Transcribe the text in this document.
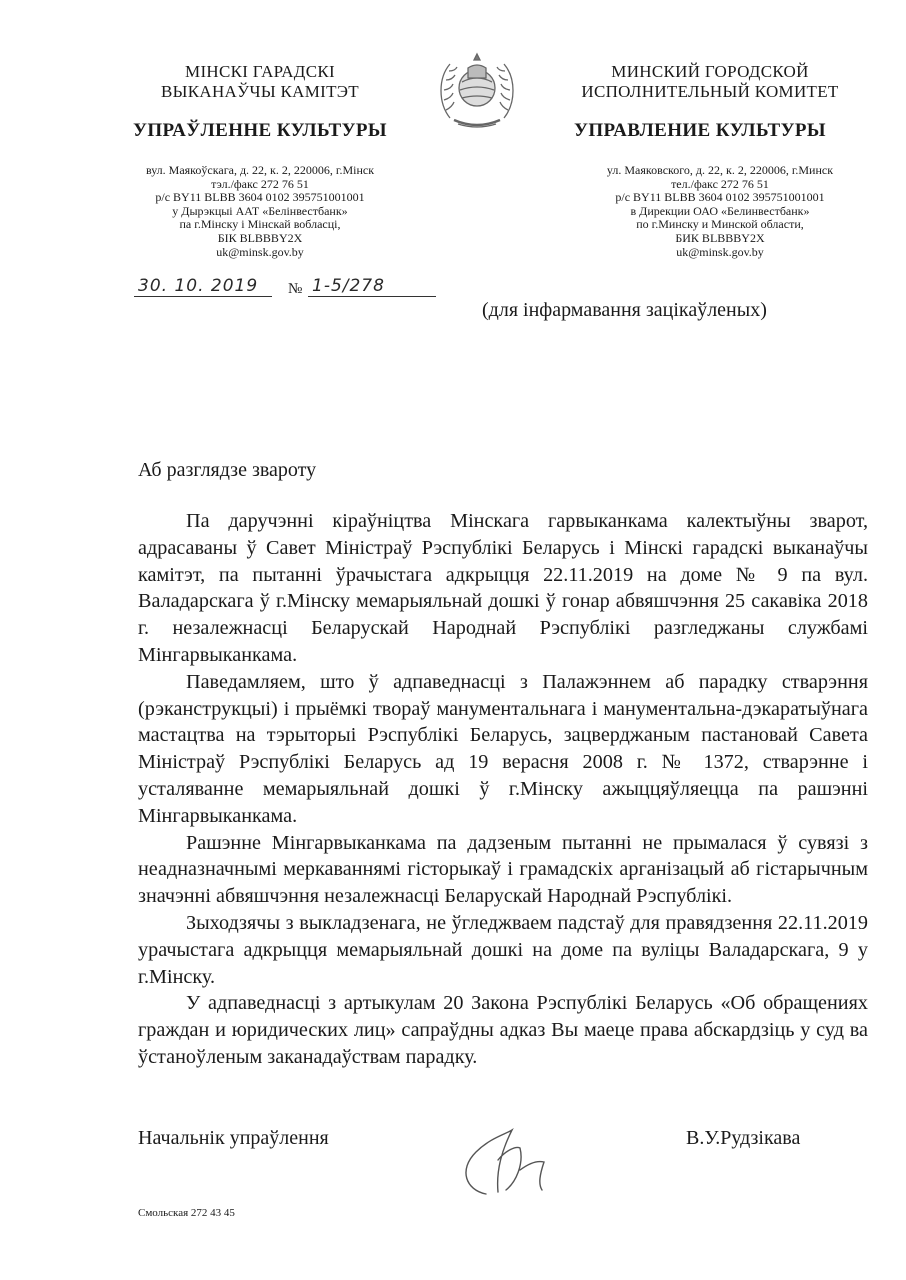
МІНСКІ ГАРАДСКІ
ВЫКАНАЎЧЫ КАМІТЭТ
УПРАЎЛЕННЕ КУЛЬТУРЫ
вул. Маякоўскага, д. 22, к. 2, 220006, г.Мінск
тэл./факс 272 76 51
р/с BY11 BLBB 3604 0102 395751001001
у Дырэкцыі ААТ «Белінвестбанк»
па г.Мінску і Мінскай вобласці,
БІК BLBBBY2X
uk@minsk.gov.by
МИНСКИЙ ГОРОДСКОЙ
ИСПОЛНИТЕЛЬНЫЙ КОМИТЕТ
УПРАВЛЕНИЕ КУЛЬТУРЫ
ул. Маяковского, д. 22, к. 2, 220006, г.Минск
тел./факс 272 76 51
р/с BY11 BLBB 3604 0102 395751001001
в Дирекции ОАО «Белинвестбанк»
по г.Минску и Минской области,
БИК BLBBBY2X
uk@minsk.gov.by
30. 10. 2019 № 1-5/278
(для інфармавання зацікаўленых)
Аб разглядзе звароту

Па даручэнні кіраўніцтва Мінскага гарвыканкама калектыўны зварот, адрасаваны ў Савет Міністраў Рэспублікі Беларусь і Мінскі гарадскі выканаўчы камітэт, па пытанні ўрачыстага адкрыцця 22.11.2019 на доме № 9 па вул. Валадарскага ў г.Мінску мемарыяльнай дошкі ў гонар абвяшчэння 25 сакавіка 2018 г. незалежнасці Беларускай Народнай Рэспублікі разгледжаны службамі Мінгарвыканкама.

Паведамляем, што ў адпаведнасці з Палажэннем аб парадку стварэння (рэканструкцыі) і прыёмкі твораў манументальнага і манументальна-дэкаратыўнага мастацтва на тэрыторыі Рэспублікі Беларусь, зацверджаным пастановай Савета Міністраў Рэспублікі Беларусь ад 19 верасня 2008 г. № 1372, стварэнне і усталяванне мемарыяльнай дошкі ў г.Мінску ажыццяўляецца па рашэнні Мінгарвыканкама.

Рашэнне Мінгарвыканкама па дадзеным пытанні не прымалася ў сувязі з неадназначнымі меркаваннямі гісторыкаў і грамадскіх арганізацый аб гістарычным значэнні абвяшчэння незалежнасці Беларускай Народнай Рэспублікі.

Зыходзячы з выкладзенага, не ўгледжваем падстаў для правядзення 22.11.2019 урачыстага адкрыцця мемарыяльнай дошкі на доме па вуліцы Валадарскага, 9 у г.Мінску.

У адпаведнасці з артыкулам 20 Закона Рэспублікі Беларусь «Об обращениях граждан и юридических лиц» сапраўдны адказ Вы маеце права абскардзіць у суд ва ўстаноўленым заканадаўствам парадку.

Начальнік упраўлення	В.У.Рудзікава
Смольская 272 43 45
